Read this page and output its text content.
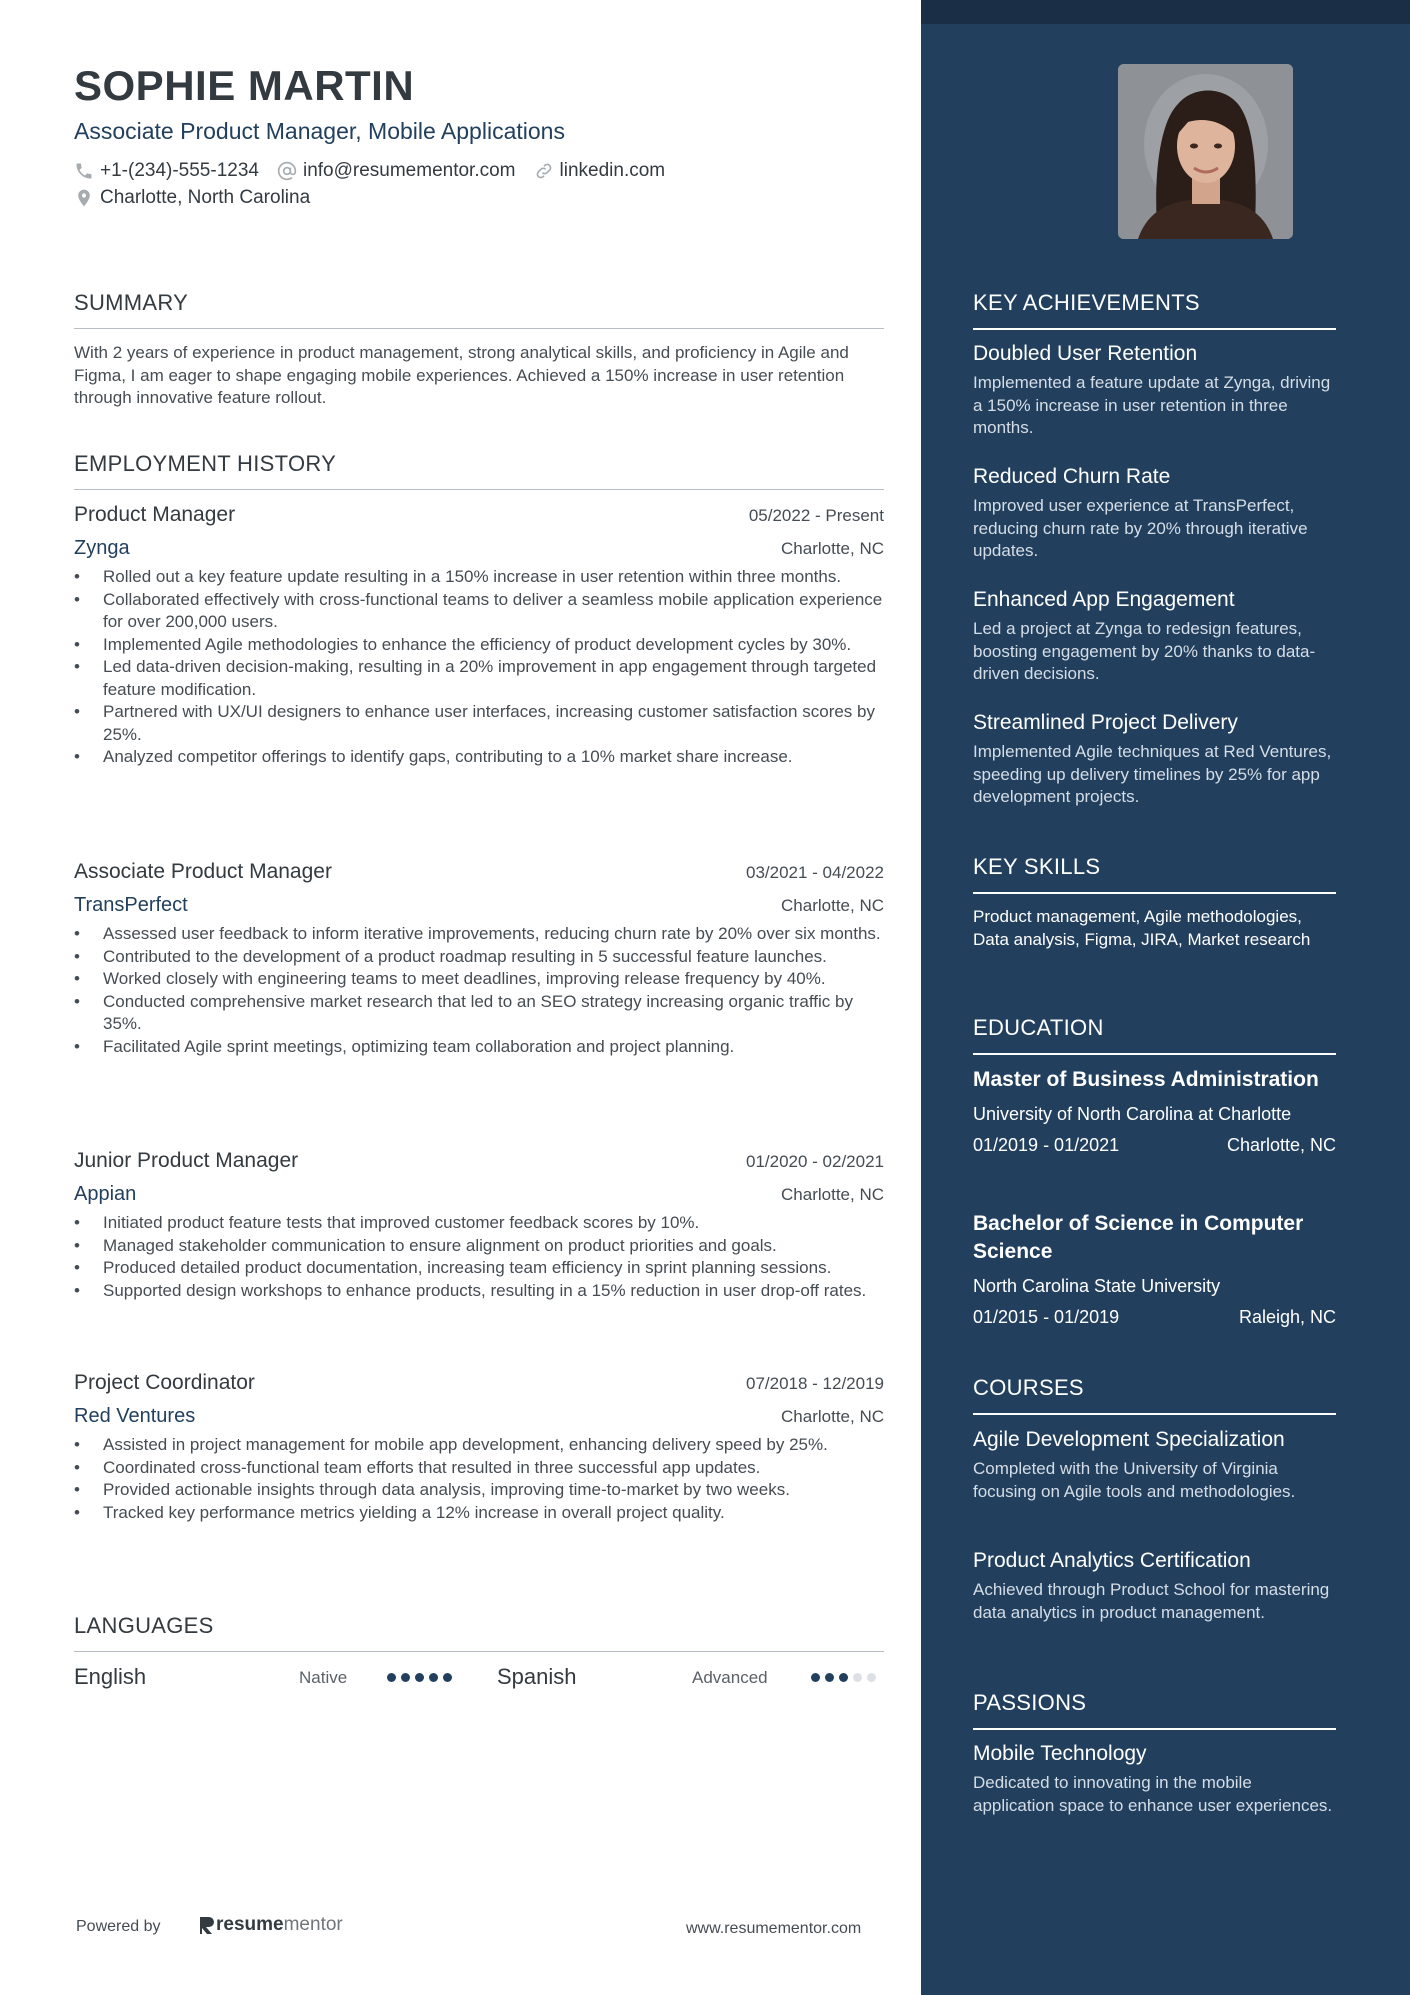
SOPHIE MARTIN
Associate Product Manager, Mobile Applications
+1-(234)-555-1234 info@resumementor.com linkedin.com
Charlotte, North Carolina
SUMMARY
With 2 years of experience in product management, strong analytical skills, and proficiency in Agile and Figma, I am eager to shape engaging mobile experiences. Achieved a 150% increase in user retention through innovative feature rollout.
EMPLOYMENT HISTORY
Product Manager	05/2022 - Present
Zynga	Charlotte, NC
• Rolled out a key feature update resulting in a 150% increase in user retention within three months.
• Collaborated effectively with cross-functional teams to deliver a seamless mobile application experience for over 200,000 users.
• Implemented Agile methodologies to enhance the efficiency of product development cycles by 30%.
• Led data-driven decision-making, resulting in a 20% improvement in app engagement through targeted feature modification.
• Partnered with UX/UI designers to enhance user interfaces, increasing customer satisfaction scores by 25%.
• Analyzed competitor offerings to identify gaps, contributing to a 10% market share increase.
Associate Product Manager	03/2021 - 04/2022
TransPerfect	Charlotte, NC
• Assessed user feedback to inform iterative improvements, reducing churn rate by 20% over six months.
• Contributed to the development of a product roadmap resulting in 5 successful feature launches.
• Worked closely with engineering teams to meet deadlines, improving release frequency by 40%.
• Conducted comprehensive market research that led to an SEO strategy increasing organic traffic by 35%.
• Facilitated Agile sprint meetings, optimizing team collaboration and project planning.
Junior Product Manager	01/2020 - 02/2021
Appian	Charlotte, NC
• Initiated product feature tests that improved customer feedback scores by 10%.
• Managed stakeholder communication to ensure alignment on product priorities and goals.
• Produced detailed product documentation, increasing team efficiency in sprint planning sessions.
• Supported design workshops to enhance products, resulting in a 15% reduction in user drop-off rates.
Project Coordinator	07/2018 - 12/2019
Red Ventures	Charlotte, NC
• Assisted in project management for mobile app development, enhancing delivery speed by 25%.
• Coordinated cross-functional team efforts that resulted in three successful app updates.
• Provided actionable insights through data analysis, improving time-to-market by two weeks.
• Tracked key performance metrics yielding a 12% increase in overall project quality.
LANGUAGES
English	Native	Spanish	Advanced
Powered by	resume mentor	www.resumementor.com
KEY ACHIEVEMENTS
Doubled User Retention
Implemented a feature update at Zynga, driving a 150% increase in user retention in three months.
Reduced Churn Rate
Improved user experience at TransPerfect, reducing churn rate by 20% through iterative updates.
Enhanced App Engagement
Led a project at Zynga to redesign features, boosting engagement by 20% thanks to data-driven decisions.
Streamlined Project Delivery
Implemented Agile techniques at Red Ventures, speeding up delivery timelines by 25% for app development projects.
KEY SKILLS
Product management, Agile methodologies, Data analysis, Figma, JIRA, Market research
EDUCATION
Master of Business Administration
University of North Carolina at Charlotte
01/2019 - 01/2021	Charlotte, NC
Bachelor of Science in Computer Science
North Carolina State University
01/2015 - 01/2019	Raleigh, NC
COURSES
Agile Development Specialization
Completed with the University of Virginia focusing on Agile tools and methodologies.
Product Analytics Certification
Achieved through Product School for mastering data analytics in product management.
PASSIONS
Mobile Technology
Dedicated to innovating in the mobile application space to enhance user experiences.
